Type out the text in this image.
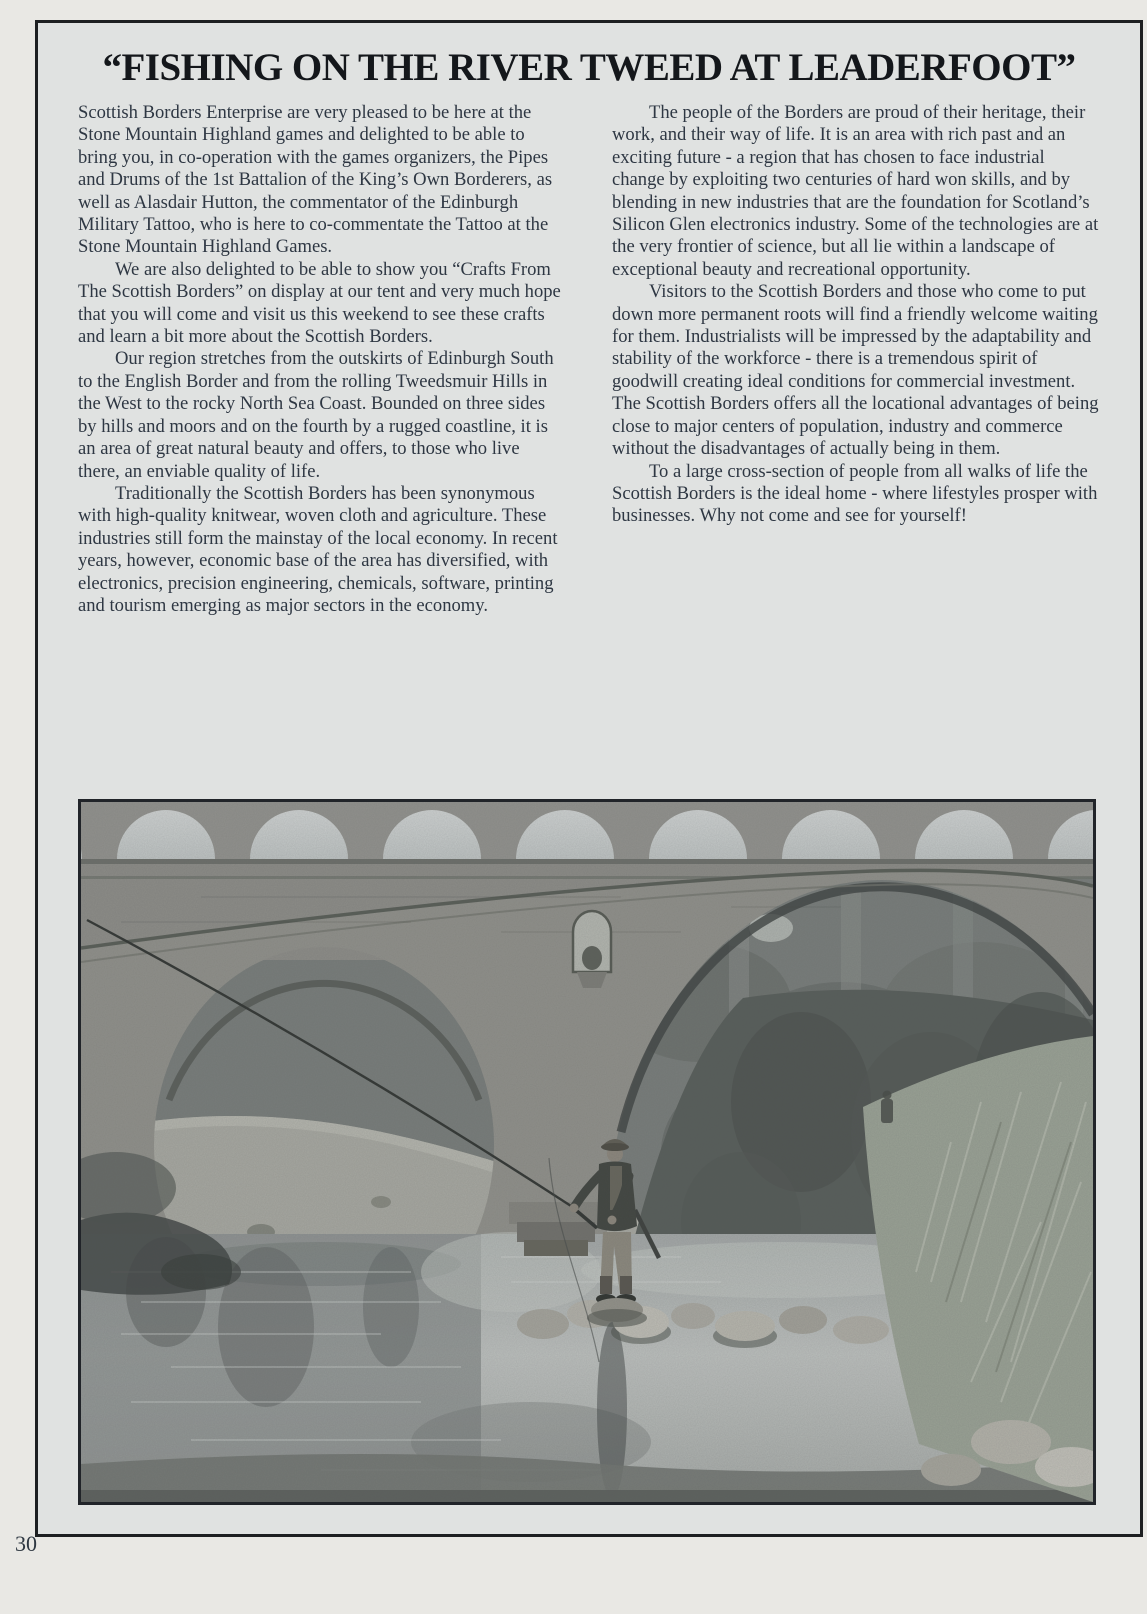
“FISHING ON THE RIVER TWEED AT LEADERFOOT”

Scottish Borders Enterprise are very pleased to be here at the Stone Mountain Highland games and delighted to be able to bring you, in co-operation with the games organizers, the Pipes and Drums of the 1st Battalion of the King’s Own Borderers, as well as Alasdair Hutton, the commentator of the Edinburgh Military Tattoo, who is here to co-commentate the Tattoo at the Stone Mountain Highland Games.

We are also delighted to be able to show you “Crafts From The Scottish Borders” on display at our tent and very much hope that you will come and visit us this weekend to see these crafts and learn a bit more about the Scottish Borders.

Our region stretches from the outskirts of Edinburgh South to the English Border and from the rolling Tweedsmuir Hills in the West to the rocky North Sea Coast. Bounded on three sides by hills and moors and on the fourth by a rugged coastline, it is an area of great natural beauty and offers, to those who live there, an enviable quality of life.

Traditionally the Scottish Borders has been synonymous with high-quality knitwear, woven cloth and agriculture. These industries still form the mainstay of the local economy. In recent years, however, economic base of the area has diversified, with electronics, precision engineering, chemicals, software, printing and tourism emerging as major sectors in the economy.

The people of the Borders are proud of their heritage, their work, and their way of life. It is an area with rich past and an exciting future - a region that has chosen to face industrial change by exploiting two centuries of hard won skills, and by blending in new industries that are the foundation for Scotland’s Silicon Glen electronics industry. Some of the technologies are at the very frontier of science, but all lie within a landscape of exceptional beauty and recreational opportunity.

Visitors to the Scottish Borders and those who come to put down more permanent roots will find a friendly welcome waiting for them. Industrialists will be impressed by the adaptability and stability of the workforce - there is a tremendous spirit of goodwill creating ideal conditions for commercial investment. The Scottish Borders offers all the locational advantages of being close to major centers of population, industry and commerce without the disadvantages of actually being in them.

To a large cross-section of people from all walks of life the Scottish Borders is the ideal home - where lifestyles prosper with businesses. Why not come and see for yourself!

30
